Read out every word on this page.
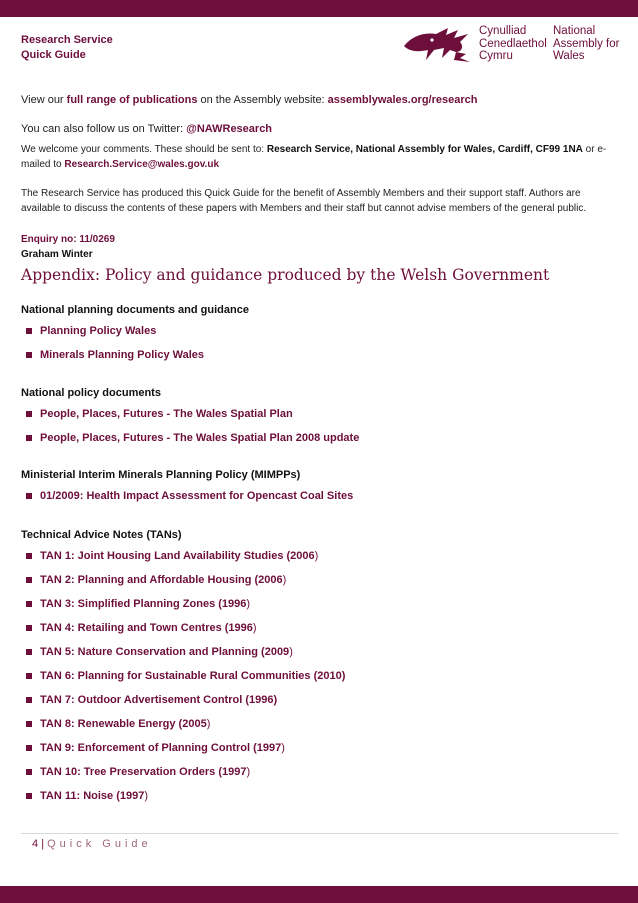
Research Service
Quick Guide
Cynulliad
Cenedlaethol
Cymru
National
Assembly for
Wales
View our full range of publications on the Assembly website: assemblywales.org/research
You can also follow us on Twitter: @NAWResearch
We welcome your comments. These should be sent to: Research Service, National Assembly for Wales, Cardiff, CF99 1NA or e-mailed to Research.Service@wales.gov.uk
The Research Service has produced this Quick Guide for the benefit of Assembly Members and their support staff. Authors are available to discuss the contents of these papers with Members and their staff but cannot advise members of the general public.
Enquiry no: 11/0269
Graham Winter
Appendix: Policy and guidance produced by the Welsh Government
National planning documents and guidance
Planning Policy Wales
Minerals Planning Policy Wales
National policy documents
People, Places, Futures - The Wales Spatial Plan
People, Places, Futures - The Wales Spatial Plan 2008 update
Ministerial Interim Minerals Planning Policy (MIMPPs)
01/2009: Health Impact Assessment for Opencast Coal Sites
Technical Advice Notes (TANs)
TAN 1: Joint Housing Land Availability Studies (2006 )
TAN 2: Planning and Affordable Housing (2006 )
TAN 3: Simplified Planning Zones (1996 )
TAN 4: Retailing and Town Centres (1996 )
TAN 5: Nature Conservation and Planning (2009 )
TAN 6: Planning for Sustainable Rural Communities (2010)
TAN 7: Outdoor Advertisement Control (1996)
TAN 8: Renewable Energy (2005 )
TAN 9: Enforcement of Planning Control (1997 )
TAN 10: Tree Preservation Orders (1997 )
TAN 11: Noise (1997 )
4 | Quick Guide
